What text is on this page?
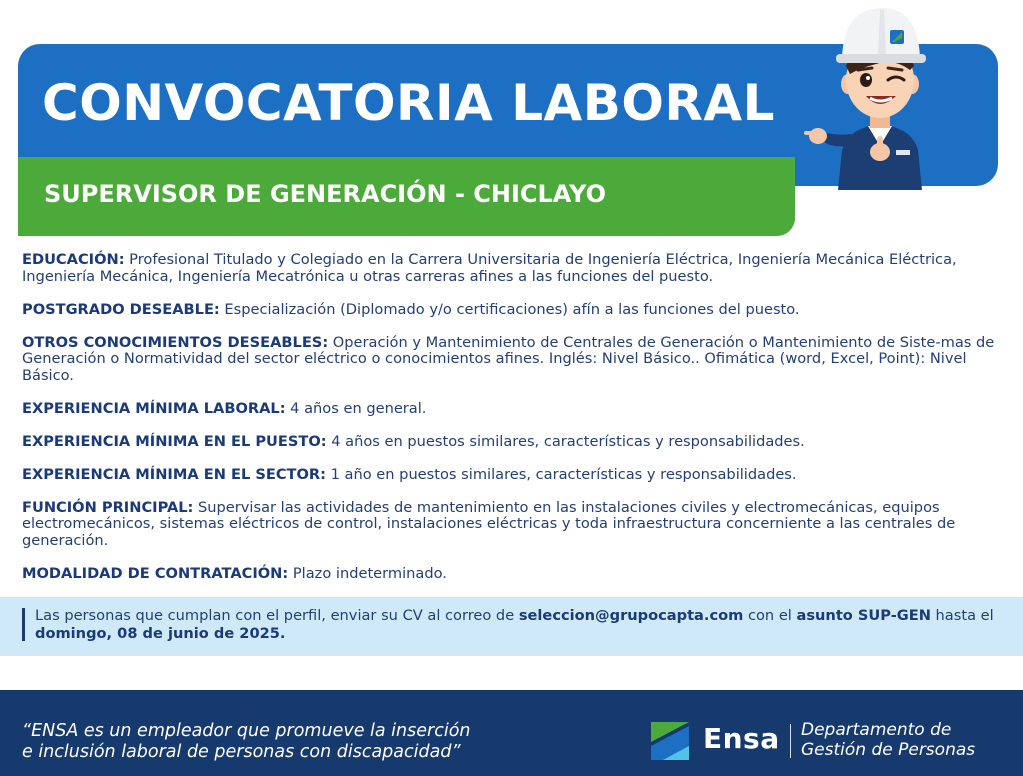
CONVOCATORIA LABORAL
SUPERVISOR DE GENERACIÓN - CHICLAYO

EDUCACIÓN: Profesional Titulado y Colegiado en la Carrera Universitaria de Ingeniería Eléctrica, Ingeniería Mecánica Eléctrica, Ingeniería Mecánica, Ingeniería Mecatrónica u otras carreras afines a las funciones del puesto.

POSTGRADO DESEABLE: Especialización (Diplomado y/o certificaciones) afín a las funciones del puesto.

OTROS CONOCIMIENTOS DESEABLES: Operación y Mantenimiento de Centrales de Generación o Mantenimiento de Siste-mas de Generación o Normatividad del sector eléctrico o conocimientos afines. Inglés: Nivel Básico.. Ofimática (word, Excel, Point): Nivel Básico.

EXPERIENCIA MÍNIMA LABORAL: 4 años en general.

EXPERIENCIA MÍNIMA EN EL PUESTO: 4 años en puestos similares, características y responsabilidades.

EXPERIENCIA MÍNIMA EN EL SECTOR: 1 año en puestos similares, características y responsabilidades.

FUNCIÓN PRINCIPAL: Supervisar las actividades de mantenimiento en las instalaciones civiles y electromecánicas, equipos electromecánicos, sistemas eléctricos de control, instalaciones eléctricas y toda infraestructura concerniente a las centrales de generación.

MODALIDAD DE CONTRATACIÓN: Plazo indeterminado.

Las personas que cumplan con el perfil, enviar su CV al correo de seleccion@grupocapta.com con el asunto SUP-GEN hasta el domingo, 08 de junio de 2025.
“ENSA es un empleador que promueve la inserción
e inclusión laboral de personas con discapacidad”	Ensa Departamento de
Gestión de Personas
